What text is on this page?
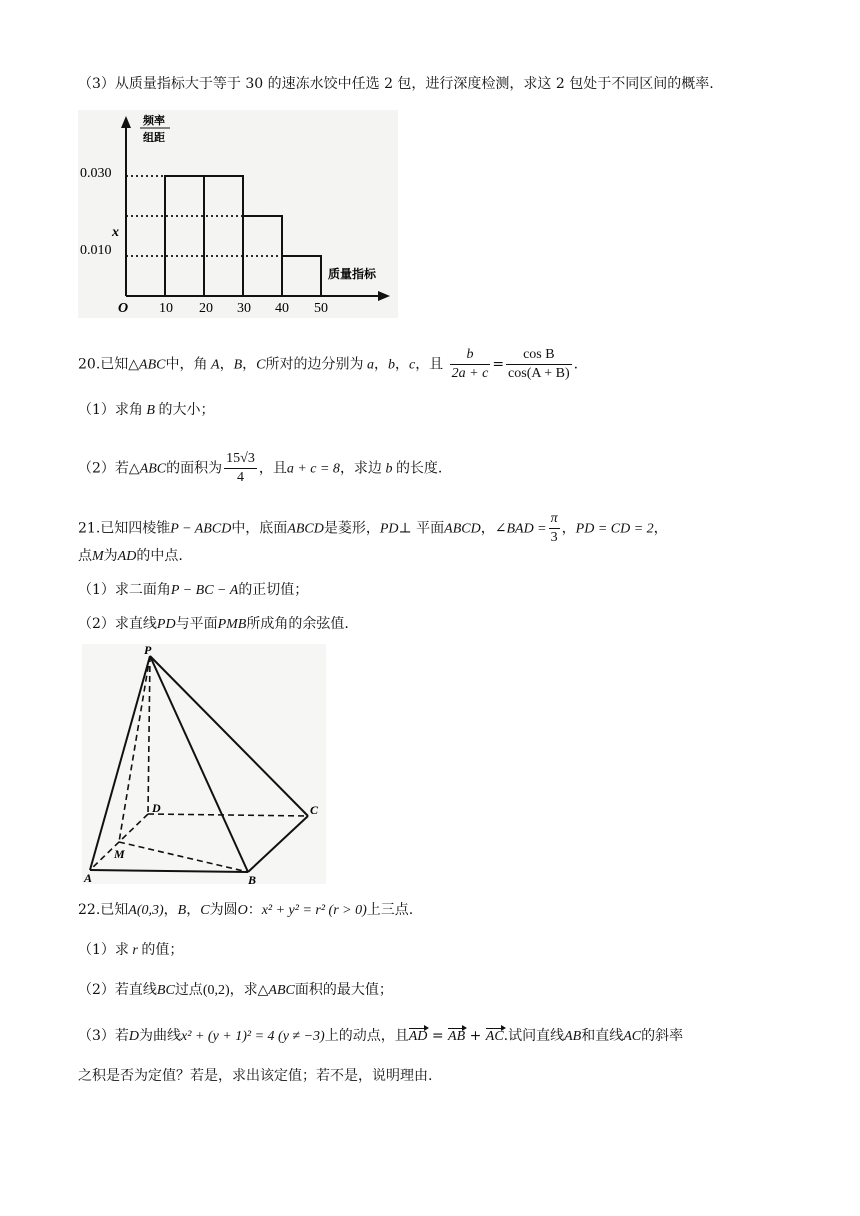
（3）从质量指标大于等于 30 的速冻水饺中任选 2 包，进行深度检测，求这 2 包处于不同区间的概率.
频率
组距
0.030
x
0.010
O 10 20 30 40 50
质量指标
20.已知△ABC中，角 A，B，C所对的边分别为 a，b，c，且 $\frac{b}{2a + c} = \frac{\text{cos B}}{\cos(A + B)}$ .
（1）求角 B 的大小；
（2）若△ABC的面积为 $\frac{15√3}{4}$ ，且a + c = 8，求边 b 的长度.
21.已知四棱锥P − ABCD中，底面ABCD是菱形，PD⊥ 平面ABCD，∠BAD = $\frac{\pi}{3}$ ，PD = CD = 2，
点M为AD的中点.
（1）求二面角P − BC − A的正切值；
（2）求直线PD与平面PMB所成角的余弦值.
P
D	C
M
A	B
22.已知A(0,3)，B，C为圆O：x² + y² = r² (r > 0)上三点.
（1）求 r 的值；
（2）若直线BC过点(0,2)，求△ABC面积的最大值；
（3）若D为曲线x² + (y + 1)² = 4 (y ≠ −3)上的动点，且AD = AB + AC.试问直线AB和直线AC的斜率
之积是否为定值？若是，求出该定值；若不是，说明理由.
